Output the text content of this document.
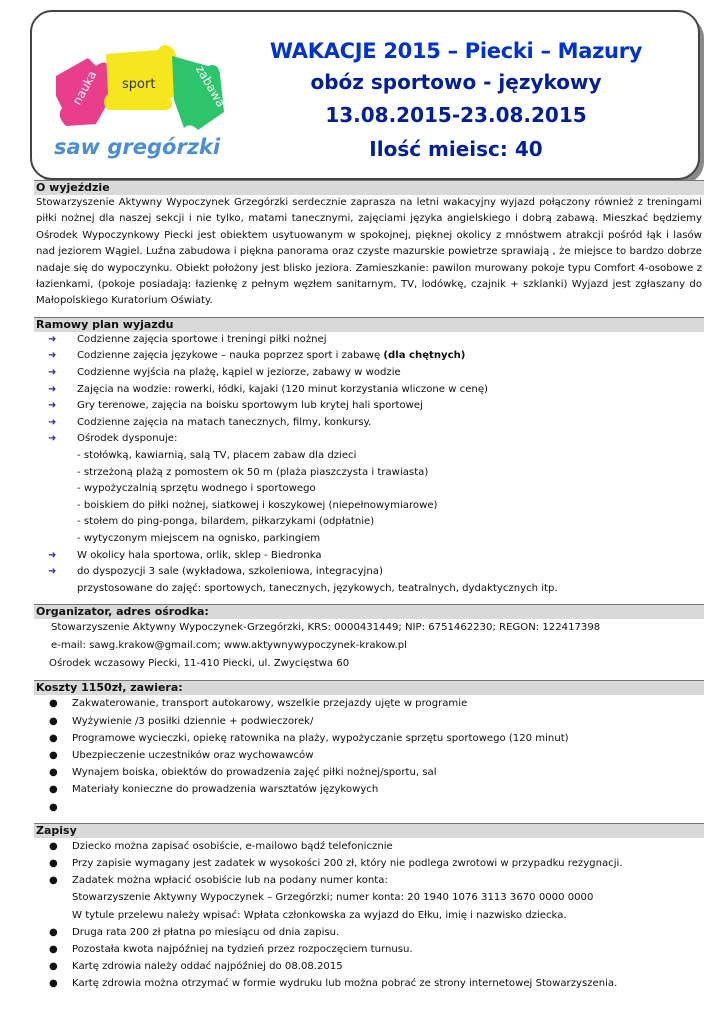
nauka sport	zabawa
saw gregórzki
WAKACJE 2015 – Piecki – Mazury
obóz sportowo - językowy
13.08.2015-23.08.2015
Ilość mieisc: 40
O wyjeździe
Stowarzyszenie Aktywny Wypoczynek Grzegórzki serdecznie zaprasza na letni wakacyjny wyjazd połączony również z treningami piłki nożnej dla naszej sekcji i nie tylko, matami tanecznymi, zajęciami języka angielskiego i dobrą zabawą. Mieszkać będziemy Ośrodek Wypoczynkowy Piecki jest obiektem usytuowanym w spokojnej, pięknej okolicy z mnóstwem atrakcji pośród łąk i lasów nad jeziorem Wągiel. Luźna zabudowa i piękna panorama oraz czyste mazurskie powietrze sprawiają , że miejsce to bardzo dobrze nadaje się do wypoczynku. Obiekt położony jest blisko jeziora. Zamieszkanie: pawilon murowany pokoje typu Comfort 4-osobowe z łazienkami, (pokoje posiadają: łazienkę z pełnym węzłem sanitarnym, TV, lodówkę, czajnik + szklanki) Wyjazd jest zgłaszany do Małopolskiego Kuratorium Oświaty.
Ramowy plan wyjazdu
➜ Codzienne zajęcia sportowe i treningi piłki nożnej
➜ Codzienne zajęcia językowe – nauka poprzez sport i zabawę (dla chętnych)
➜ Codzienne wyjścia na plażę, kąpiel w jeziorze, zabawy w wodzie
➜ Zajęcia na wodzie: rowerki, łódki, kajaki (120 minut korzystania wliczone w cenę)
➜ Gry terenowe, zajęcia na boisku sportowym lub krytej hali sportowej
➜ Codzienne zajęcia na matach tanecznych, filmy, konkursy.
➜ Ośrodek dysponuje:
- stołówką, kawiarnią, salą TV, placem zabaw dla dzieci
- strzeżoną plażą z pomostem ok 50 m (plaża piaszczysta i trawiasta)
- wypożyczalnią sprzętu wodnego i sportowego
- boiskiem do piłki nożnej, siatkowej i koszykowej (niepełnowymiarowe)
- stołem do ping-ponga, bilardem, piłkarzykami (odpłatnie)
- wytyczonym miejscem na ognisko, parkingiem
➜ W okolicy hala sportowa, orlik, sklep - Biedronka
➜ do dyspozycji 3 sale (wykładowa, szkoleniowa, integracyjna)
przystosowane do zajęć: sportowych, tanecznych, językowych, teatralnych, dydaktycznych itp.
Organizator, adres ośrodka:

Stowarzyszenie Aktywny Wypoczynek-Grzegórzki, KRS: 0000431449; NIP: 6751462230; REGON: 122417398

e-mail: sawg.krakow@gmail.com; www.aktywnywypoczynek-krakow.pl

Ośrodek wczasowy Piecki, 11-410 Piecki, ul. Zwycięstwa 60

Koszty 1150zł, zawiera:
● Zakwaterowanie, transport autokarowy, wszelkie przejazdy ujęte w programie
● Wyżywienie /3 posiłki dziennie + podwieczorek/
● Programowe wycieczki, opiekę ratownika na plaży, wypożyczanie sprzętu sportowego (120 minut)
● Ubezpieczenie uczestników oraz wychowawców
● Wynajem boiska, obiektów do prowadzenia zajęć piłki nożnej/sportu, sal
● Materiały konieczne do prowadzenia warsztatów językowych
●

Zapisy
● Dziecko można zapisać osobiście, e-mailowo bądź telefonicznie
● Przy zapisie wymagany jest zadatek w wysokości 200 zł, który nie podlega zwrotowi w przypadku rezygnacji.
● Zadatek można wpłacić osobiście lub na podany numer konta:
Stowarzyszenie Aktywny Wypoczynek – Grzegórzki; numer konta: 20 1940 1076 3113 3670 0000 0000
W tytule przelewu należy wpisać: Wpłata członkowska za wyjazd do Ełku, imię i nazwisko dziecka.
● Druga rata 200 zł płatna po miesiącu od dnia zapisu.
● Pozostała kwota najpóźniej na tydzień przez rozpoczęciem turnusu.
● Kartę zdrowia należy oddać najpóźniej do 08.08.2015
● Kartę zdrowia można otrzymać w formie wydruku lub można pobrać ze strony internetowej Stowarzyszenia.
